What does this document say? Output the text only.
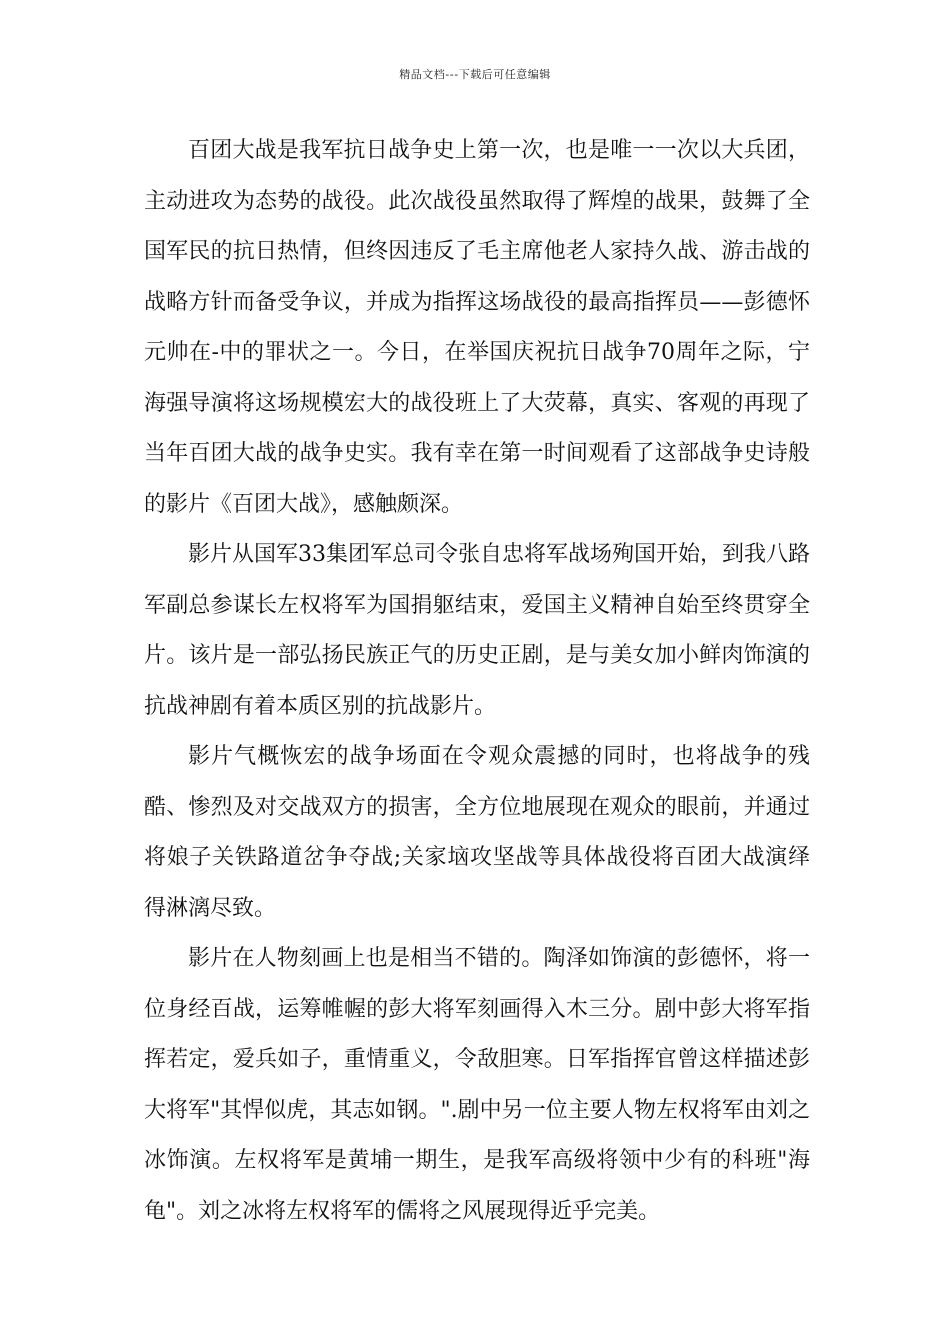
精品文档---下载后可任意编辑

百团大战是我军抗日战争史上第一次，也是唯一一次以大兵团，主动进攻为态势的战役。此次战役虽然取得了辉煌的战果，鼓舞了全国军民的抗日热情，但终因违反了毛主席他老人家持久战、游击战的战略方针而备受争议，并成为指挥这场战役的最高指挥员——彭德怀元帅在-中的罪状之一。今日，在举国庆祝抗日战争70周年之际，宁海强导演将这场规模宏大的战役班上了大荧幕，真实、客观的再现了当年百团大战的战争史实。我有幸在第一时间观看了这部战争史诗般的影片《百团大战》，感触颇深。

影片从国军33集团军总司令张自忠将军战场殉国开始，到我八路军副总参谋长左权将军为国捐躯结束，爱国主义精神自始至终贯穿全片。该片是一部弘扬民族正气的历史正剧，是与美女加小鲜肉饰演的抗战神剧有着本质区别的抗战影片。

影片气概恢宏的战争场面在令观众震撼的同时，也将战争的残酷、惨烈及对交战双方的损害，全方位地展现在观众的眼前，并通过将娘子关铁路道岔争夺战;关家垴攻坚战等具体战役将百团大战演绎得淋漓尽致。

影片在人物刻画上也是相当不错的。陶泽如饰演的彭德怀，将一位身经百战，运筹帷幄的彭大将军刻画得入木三分。剧中彭大将军指挥若定，爱兵如子，重情重义，令敌胆寒。日军指挥官曾这样描述彭大将军"其悍似虎，其志如钢。".剧中另一位主要人物左权将军由刘之冰饰演。左权将军是黄埔一期生，是我军高级将领中少有的科班"海龟"。刘之冰将左权将军的儒将之风展现得近乎完美。
